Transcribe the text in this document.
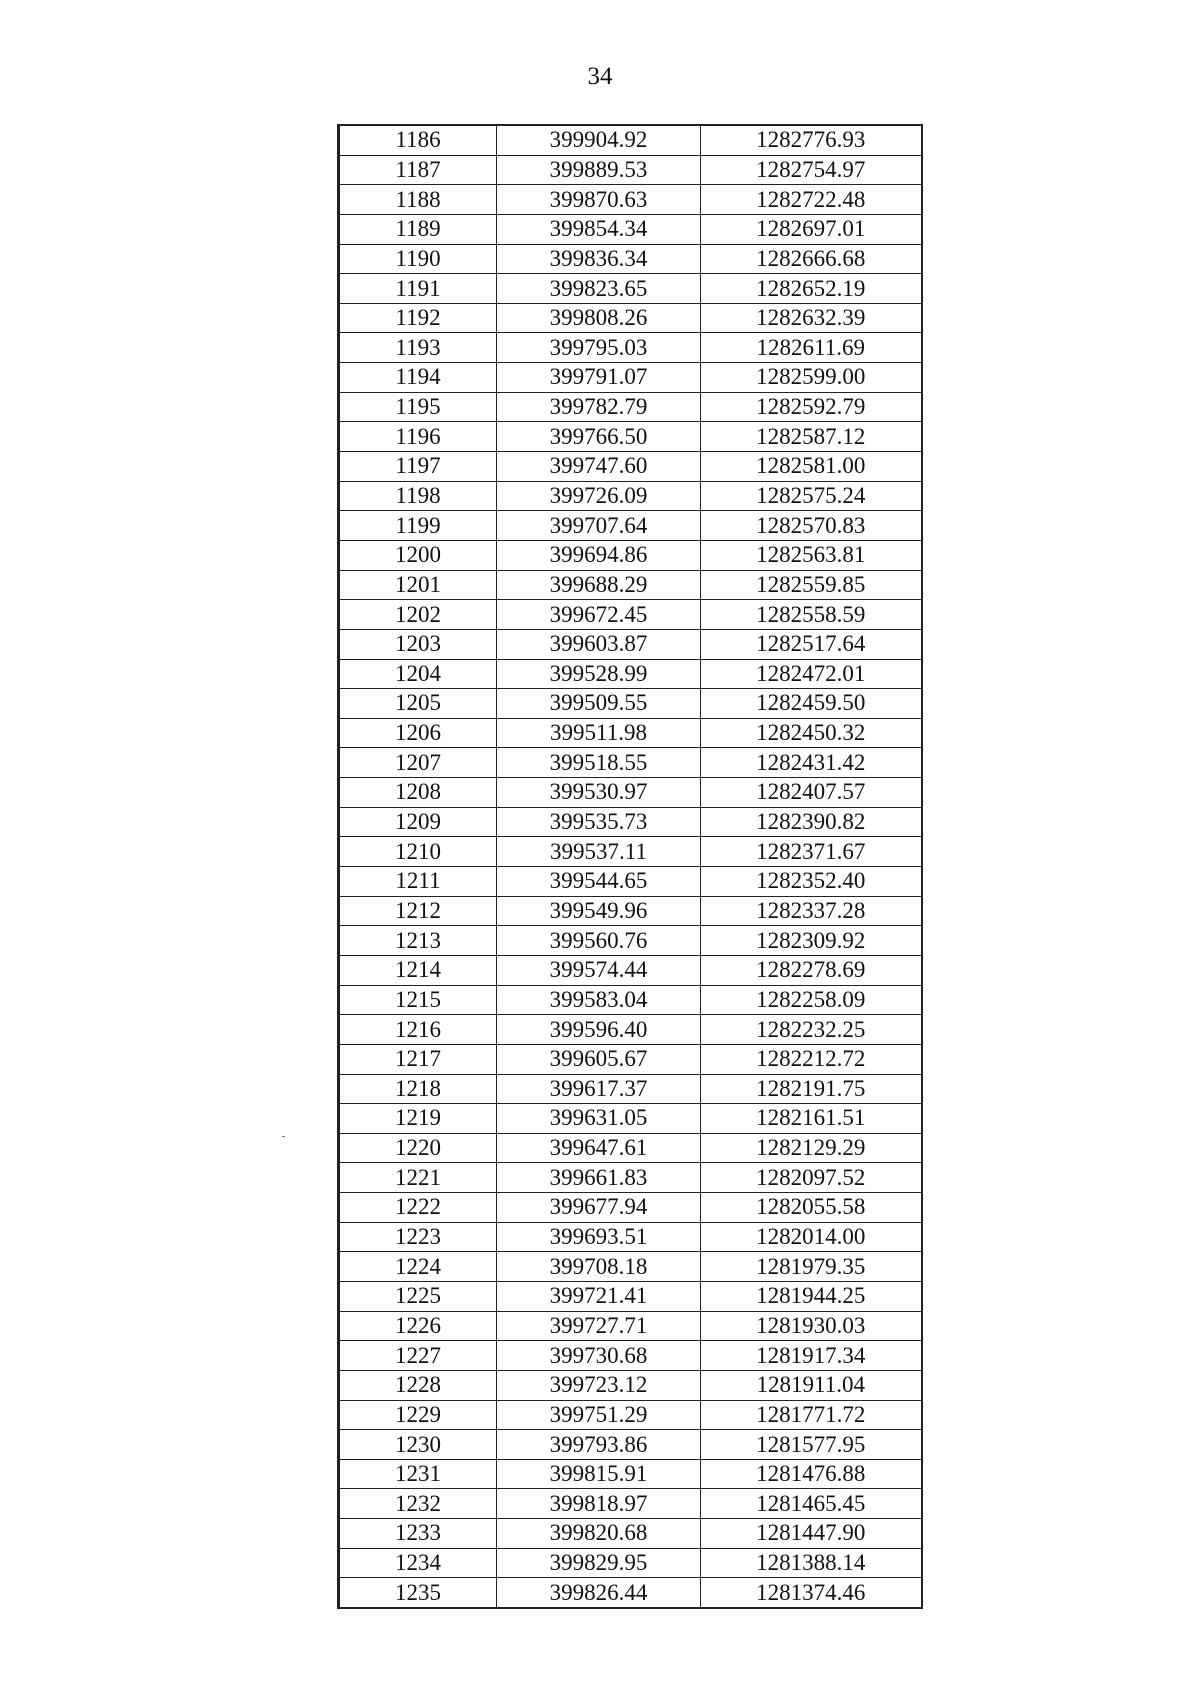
34
1186	399904.92	1282776.93
1187	399889.53	1282754.97
1188	399870.63	1282722.48
1189	399854.34	1282697.01
1190	399836.34	1282666.68
1191	399823.65	1282652.19
1192	399808.26	1282632.39
1193	399795.03	1282611.69
1194	399791.07	1282599.00
1195	399782.79	1282592.79
1196	399766.50	1282587.12
1197	399747.60	1282581.00
1198	399726.09	1282575.24
1199	399707.64	1282570.83
1200	399694.86	1282563.81
1201	399688.29	1282559.85
1202	399672.45	1282558.59
1203	399603.87	1282517.64
1204	399528.99	1282472.01
1205	399509.55	1282459.50
1206	399511.98	1282450.32
1207	399518.55	1282431.42
1208	399530.97	1282407.57
1209	399535.73	1282390.82
1210	399537.11	1282371.67
1211	399544.65	1282352.40
1212	399549.96	1282337.28
1213	399560.76	1282309.92
1214	399574.44	1282278.69
1215	399583.04	1282258.09
1216	399596.40	1282232.25
1217	399605.67	1282212.72
1218	399617.37	1282191.75
1219	399631.05	1282161.51
1220	399647.61	1282129.29
1221	399661.83	1282097.52
1222	399677.94	1282055.58
1223	399693.51	1282014.00
1224	399708.18	1281979.35
1225	399721.41	1281944.25
1226	399727.71	1281930.03
1227	399730.68	1281917.34
1228	399723.12	1281911.04
1229	399751.29	1281771.72
1230	399793.86	1281577.95
1231	399815.91	1281476.88
1232	399818.97	1281465.45
1233	399820.68	1281447.90
1234	399829.95	1281388.14
1235	399826.44	1281374.46
